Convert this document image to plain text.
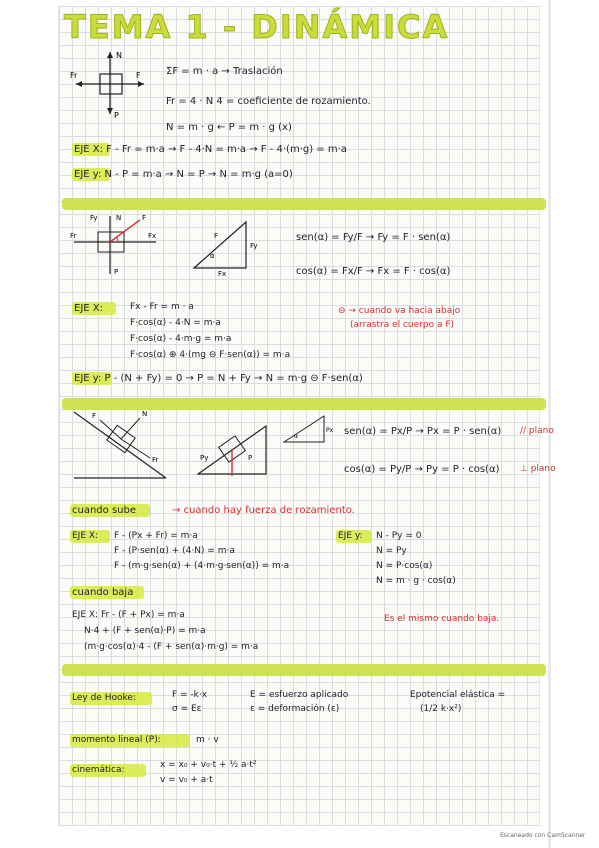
TEMA 1 - DINÁMICA
N
Fr	F
P
ΣF = m · a → Traslación
Fr = 4 · N 4 = coeficiente de rozamiento.
N = m · g ← P = m · g (x)
EJE X: F - Fr = m·a → F - 4·N = m·a → F - 4·(m·g) = m·a
EJE y: N - P = m·a → N = P → N = m·g (a=0)
Fy	N	F
Fr	Fx
P
α
F
Fy
Fx
sen(α) = Fy/F → Fy = F · sen(α)
cos(α) = Fx/F → Fx = F · cos(α)
EJE X:	Fx - Fr = m · a
F·cos(α) - 4·N = m·a
F·cos(α) - 4·m·g = m·a
F·cos(α) ⊕ 4·(mg ⊖ F·sen(α)) = m·a
⊖ → cuando va hacia abajo
(arrastra el cuerpo a F)
EJE y: P - (N + Fy) = 0 → P = N + Fy → N = m·g ⊖ F·sen(α)
F	N
Fr	Py	P
α
Px sen(α) = Px/P → Px = P · sen(α) // plano
cos(α) = Py/P → Py = P · cos(α) ⊥ plano
cuando sube	→ cuando hay fuerza de rozamiento.
EJE X: F - (Px + Fr) = m·a
F - (P·sen(α) + (4·N) = m·a
F - (m·g·sen(α) + (4·m·g·sen(α)) = m·a
EJE y: N - Py = 0
N = Py
N = P·cos(α)
N = m · g · cos(α)
cuando baja
EJE X: Fr - (F + Px) = m·a
N·4 + (F + sen(α)·P) = m·a
(m·g·cos(α)·4 - (F + sen(α)·m·g) = m·a
Es el mismo cuando baja.
Ley de Hooke:	F = -k·x
σ = Eε
E = esfuerzo aplicado
ε = deformación (ε)
Epotencial elástica =
(1/2 k·x²)
momento lineal (P):	m · v
cinemática:	x = x₀ + v₀·t + ½ a·t²
v = v₀ + a·t
Escaneado con CamScanner
